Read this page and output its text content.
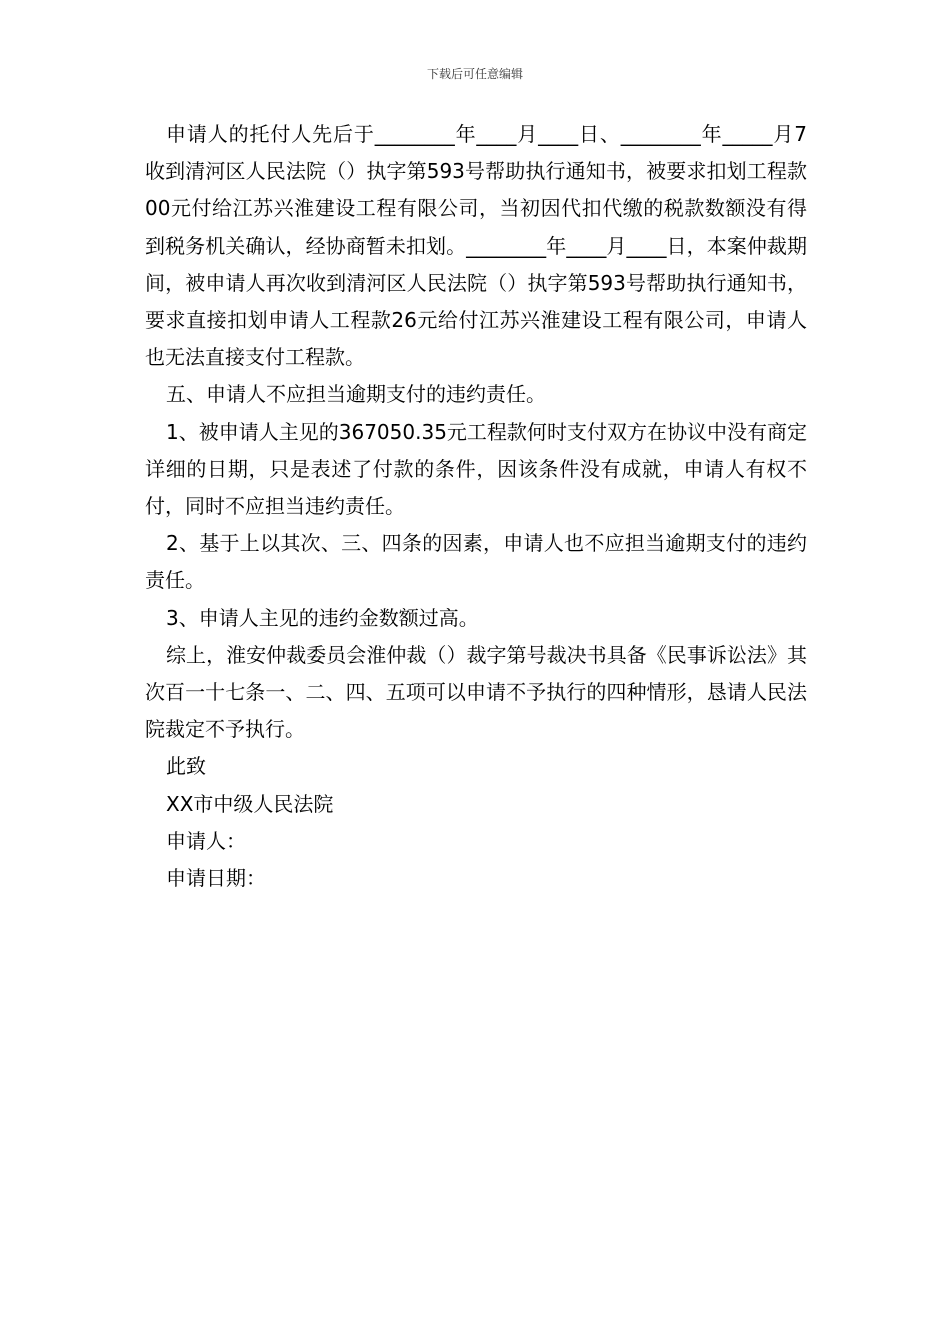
下载后可任意编辑

申请人的托付人先后于________年____月____日、________年_____月7收到清河区人民法院（）执字第593号帮助执行通知书，被要求扣划工程款00元付给江苏兴淮建设工程有限公司，当初因代扣代缴的税款数额没有得到税务机关确认，经协商暂未扣划。________年____月____日，本案仲裁期间，被申请人再次收到清河区人民法院（）执字第593号帮助执行通知书，要求直接扣划申请人工程款26元给付江苏兴淮建设工程有限公司，申请人也无法直接支付工程款。

五、申请人不应担当逾期支付的违约责任。

1、被申请人主见的367050.35元工程款何时支付双方在协议中没有商定详细的日期，只是表述了付款的条件，因该条件没有成就，申请人有权不付，同时不应担当违约责任。

2、基于上以其次、三、四条的因素，申请人也不应担当逾期支付的违约责任。

3、申请人主见的违约金数额过高。

综上，淮安仲裁委员会淮仲裁（）裁字第号裁决书具备《民事诉讼法》其次百一十七条一、二、四、五项可以申请不予执行的四种情形，恳请人民法院裁定不予执行。

此致

XX市中级人民法院

申请人：

申请日期：
